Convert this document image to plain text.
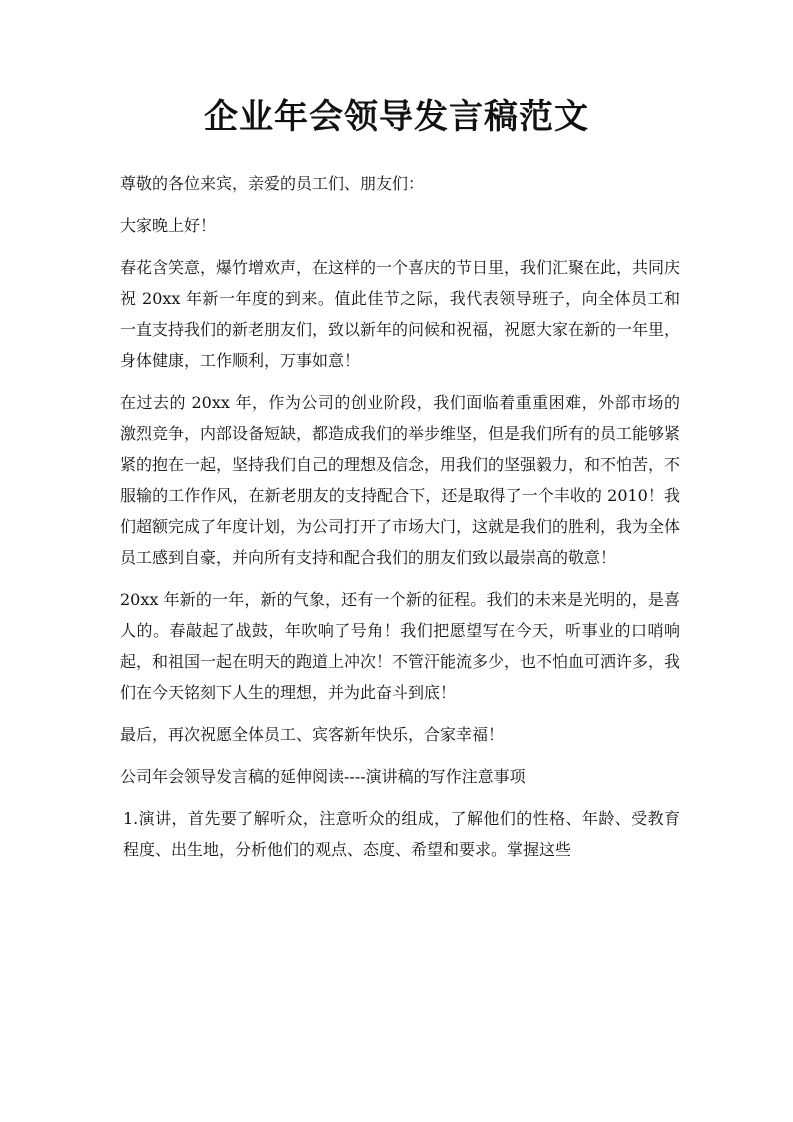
企业年会领导发言稿范文

尊敬的各位来宾，亲爱的员工们、朋友们：

大家晚上好！

春花含笑意，爆竹增欢声，在这样的一个喜庆的节日里，我们汇聚在此，共同庆祝 20xx 年新一年度的到来。值此佳节之际，我代表领导班子，向全体员工和一直支持我们的新老朋友们，致以新年的问候和祝福，祝愿大家在新的一年里，身体健康，工作顺利，万事如意！

在过去的 20xx 年，作为公司的创业阶段，我们面临着重重困难，外部市场的激烈竞争，内部设备短缺，都造成我们的举步维坚，但是我们所有的员工能够紧紧的抱在一起，坚持我们自己的理想及信念，用我们的坚强毅力，和不怕苦，不服输的工作作风，在新老朋友的支持配合下，还是取得了一个丰收的 2010！我们超额完成了年度计划，为公司打开了市场大门，这就是我们的胜利，我为全体员工感到自豪，并向所有支持和配合我们的朋友们致以最崇高的敬意！

20xx 年新的一年，新的气象，还有一个新的征程。我们的未来是光明的，是喜人的。春敲起了战鼓，年吹响了号角！我们把愿望写在今天，听事业的口哨响起，和祖国一起在明天的跑道上冲次！不管汗能流多少，也不怕血可洒许多，我们在今天铭刻下人生的理想，并为此奋斗到底！

最后，再次祝愿全体员工、宾客新年快乐，合家幸福！

公司年会领导发言稿的延伸阅读----演讲稿的写作注意事项

1.演讲，首先要了解听众，注意听众的组成，了解他们的性格、年龄、受教育程度、出生地，分析他们的观点、态度、希望和要求。掌握这些
